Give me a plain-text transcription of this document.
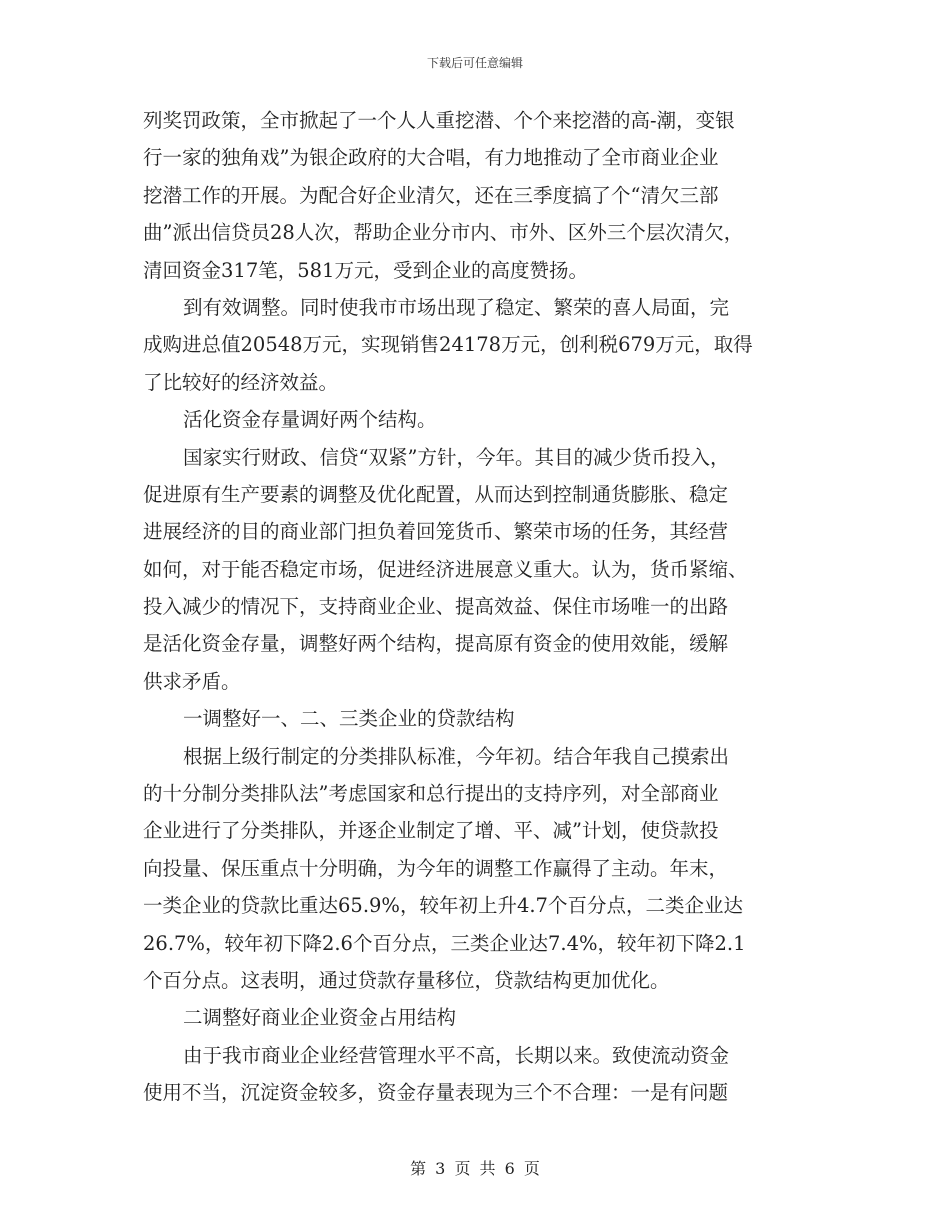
下载后可任意编辑
列奖罚政策，全市掀起了一个人人重挖潜、个个来挖潜的高-潮，变银
行一家的独角戏”为银企政府的大合唱，有力地推动了全市商业企业
挖潜工作的开展。为配合好企业清欠，还在三季度搞了个“清欠三部
曲”派出信贷员28人次，帮助企业分市内、市外、区外三个层次清欠，
清回资金317笔，581万元，受到企业的高度赞扬。
到有效调整。同时使我市市场出现了稳定、繁荣的喜人局面，完
成购进总值20548万元，实现销售24178万元，创利税679万元，取得
了比较好的经济效益。
活化资金存量调好两个结构。
国家实行财政、信贷“双紧”方针，今年。其目的减少货币投入，
促进原有生产要素的调整及优化配置，从而达到控制通货膨胀、稳定
进展经济的目的商业部门担负着回笼货币、繁荣市场的任务，其经营
如何，对于能否稳定市场，促进经济进展意义重大。认为，货币紧缩、
投入减少的情况下，支持商业企业、提高效益、保住市场唯一的出路
是活化资金存量，调整好两个结构，提高原有资金的使用效能，缓解
供求矛盾。
一调整好一、二、三类企业的贷款结构
根据上级行制定的分类排队标准，今年初。结合年我自己摸索出
的十分制分类排队法”考虑国家和总行提出的支持序列，对全部商业
企业进行了分类排队，并逐企业制定了增、平、减”计划，使贷款投
向投量、保压重点十分明确，为今年的调整工作赢得了主动。年末，
一类企业的贷款比重达65.9%，较年初上升4.7个百分点，二类企业达
26.7%，较年初下降2.6个百分点，三类企业达7.4%，较年初下降2.1
个百分点。这表明，通过贷款存量移位，贷款结构更加优化。
二调整好商业企业资金占用结构
由于我市商业企业经营管理水平不高，长期以来。致使流动资金
使用不当，沉淀资金较多，资金存量表现为三个不合理：一是有问题
第 3 页 共 6 页
